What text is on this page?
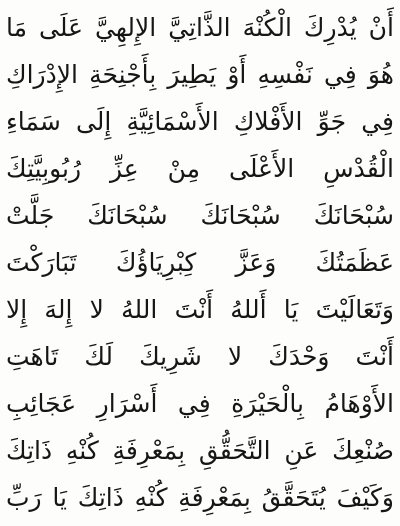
أَنْ يُدْرِكَ الْكُنْهَ الذَّاتِيَّ الإِلهِيَّ عَلَى مَا
هُوَ فِي نَفْسِهِ أَوْ يَطِيرَ بِأَجْنِحَةِ الإِدْرَاكِ
فِي جَوِّ الأَفْلاكِ الأَسْمَائِيَّةِ إِلَى سَمَاءِ
الْقُدْسِ الأَعْلَى مِنْ عِزِّ رُبُوبِيَّتِكَ
سُبْحَانَكَ سُبْحَانَكَ سُبْحَانَكَ جَلَّتْ
عَظَمَتُكَ وَعَزَّ كِبْرِيَاؤُكَ تَبَارَكْتَ
وَتَعَالَيْتَ يَا أَللهُ أَنْتَ اللهُ لا إِلهَ إِلا
أَنْتَ وَحْدَكَ لا شَرِيكَ لَكَ تَاهَتِ
الأَوْهَامُ بِالْحَيْرَةِ فِي أَسْرَارِ عَجَائِبِ
صُنْعِكَ عَنِ التَّحَقُّقِ بِمَعْرِفَةِ كُنْهِ ذَاتِكَ
وَكَيْفَ يُتَحَقَّقُ بِمَعْرِفَةِ كُنْهِ ذَاتِكَ يَا رَبِّ
